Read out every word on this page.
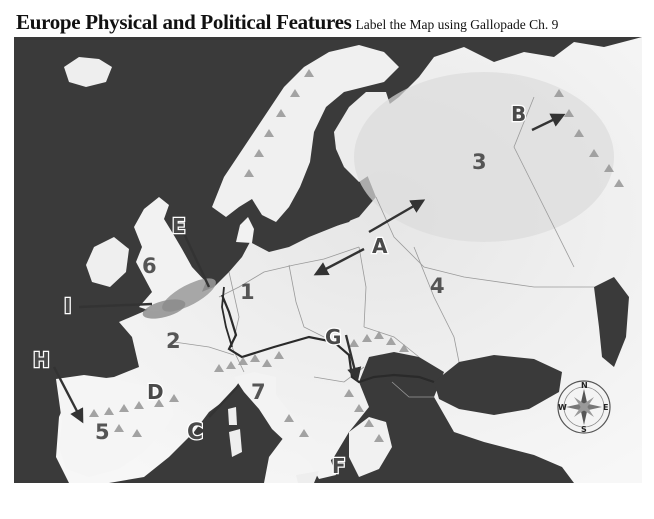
Europe Physical and Political Features Label the Map using Gallopade Ch. 9
A
B
C
D
E
F
G
H
I
1
2
3
4
5
6
7	N
S
E
W
